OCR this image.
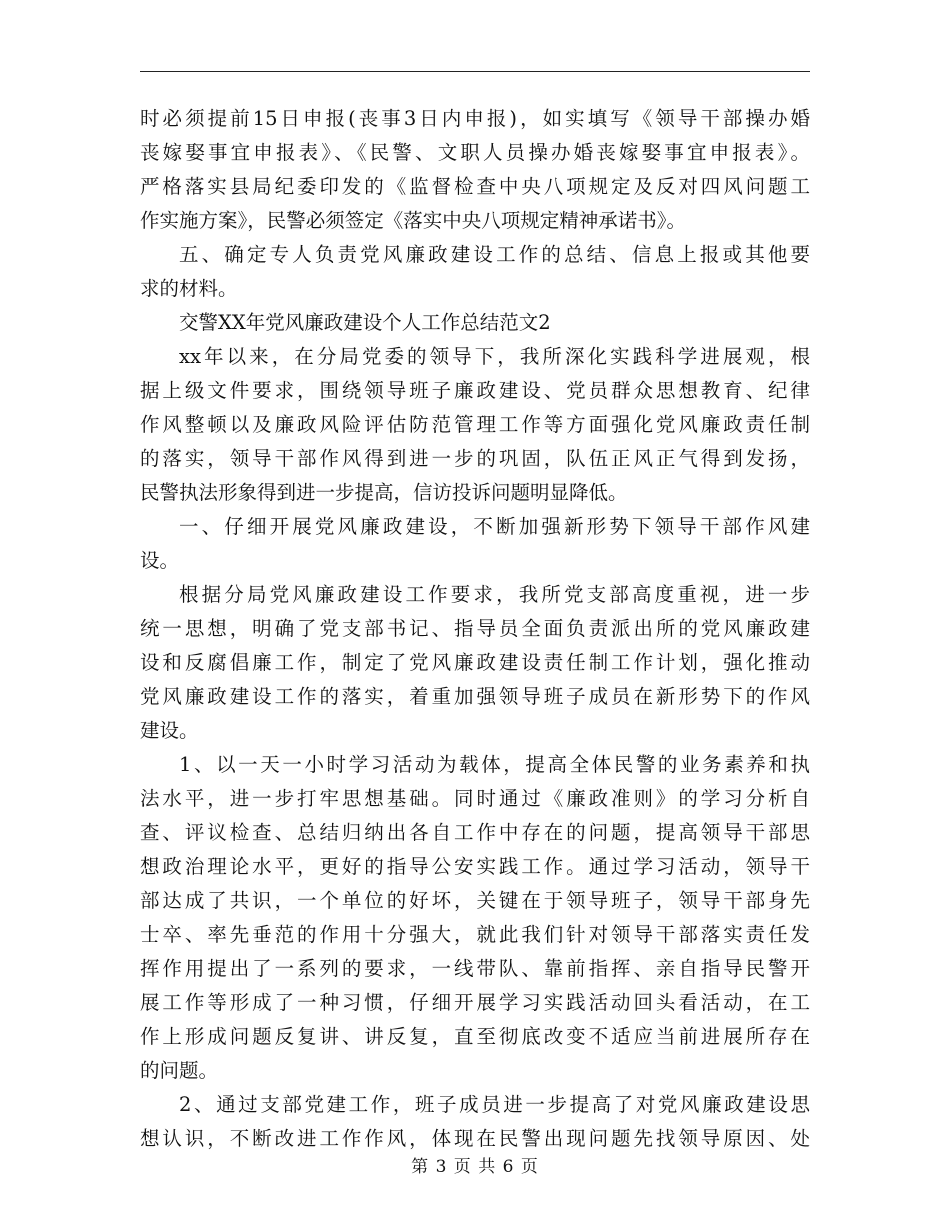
时必须提前15日申报(丧事3日内申报)，如实填写《领导干部操办婚
丧嫁娶事宜申报表》、《民警、文职人员操办婚丧嫁娶事宜申报表》。
严格落实县局纪委印发的《监督检查中央八项规定及反对四风问题工
作实施方案》，民警必须签定《落实中央八项规定精神承诺书》。
五、确定专人负责党风廉政建设工作的总结、信息上报或其他要
求的材料。
交警XX年党风廉政建设个人工作总结范文2
xx年以来，在分局党委的领导下，我所深化实践科学进展观，根
据上级文件要求，围绕领导班子廉政建设、党员群众思想教育、纪律
作风整顿以及廉政风险评估防范管理工作等方面强化党风廉政责任制
的落实，领导干部作风得到进一步的巩固，队伍正风正气得到发扬，
民警执法形象得到进一步提高，信访投诉问题明显降低。
一、仔细开展党风廉政建设，不断加强新形势下领导干部作风建
设。
根据分局党风廉政建设工作要求，我所党支部高度重视，进一步
统一思想，明确了党支部书记、指导员全面负责派出所的党风廉政建
设和反腐倡廉工作，制定了党风廉政建设责任制工作计划，强化推动
党风廉政建设工作的落实，着重加强领导班子成员在新形势下的作风
建设。
1、以一天一小时学习活动为载体，提高全体民警的业务素养和执
法水平，进一步打牢思想基础。同时通过《廉政准则》的学习分析自
查、评议检查、总结归纳出各自工作中存在的问题，提高领导干部思
想政治理论水平，更好的指导公安实践工作。通过学习活动，领导干
部达成了共识，一个单位的好坏，关键在于领导班子，领导干部身先
士卒、率先垂范的作用十分强大，就此我们针对领导干部落实责任发
挥作用提出了一系列的要求，一线带队、靠前指挥、亲自指导民警开
展工作等形成了一种习惯，仔细开展学习实践活动回头看活动，在工
作上形成问题反复讲、讲反复，直至彻底改变不适应当前进展所存在
的问题。
2、通过支部党建工作，班子成员进一步提高了对党风廉政建设思
想认识，不断改进工作作风，体现在民警出现问题先找领导原因、处
第 3 页 共 6 页
